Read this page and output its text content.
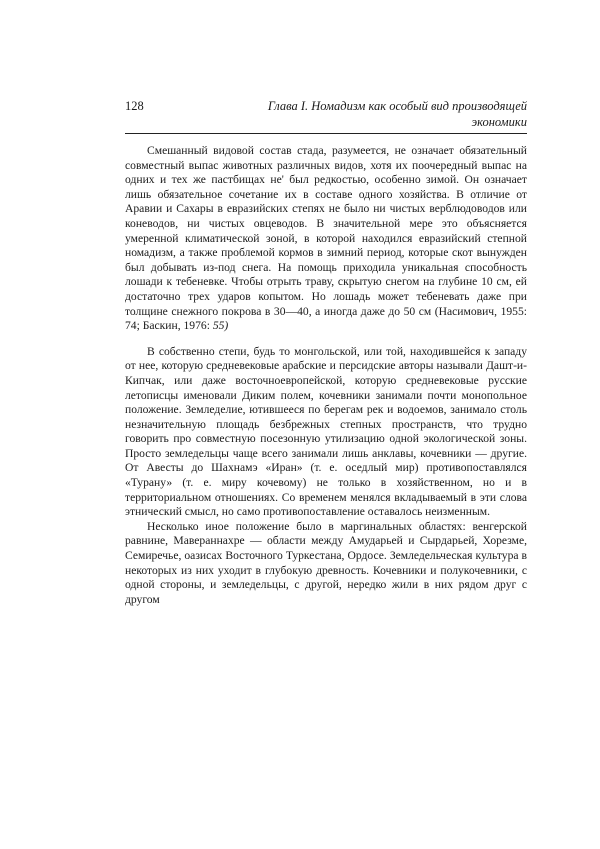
128	Глава I. Номадизм как особый вид производящей экономики

Смешанный видовой состав стада, разумеется, не означает обязательный совместный выпас животных различных видов, хотя их поочередный выпас на одних и тех же пастбищах не' был редкостью, особенно зимой. Он означает лишь обязательное сочетание их в составе одного хозяйства. В отличие от Аравии и Сахары в евразийских степях не было ни чистых верблюдоводов или коневодов, ни чистых овцеводов. В значительной мере это объясняется умеренной климатической зоной, в которой находился евразийский степной номадизм, а также проблемой кормов в зимний период, которые скот вынужден был добывать из-под снега. На помощь приходила уникальная способность лошади к тебеневке. Чтобы отрыть траву, скрытую снегом на глубине 10 см, ей достаточно трех ударов копытом. Но лошадь может тебеневать даже при толщине снежного покрова в 30—40, а иногда даже до 50 см (Насимович, 1955: 74; Баскин, 1976: 55)

В собственно степи, будь то монгольской, или той, находившейся к западу от нее, которую средневековые арабские и персидские авторы называли Дашт-и-Кипчак, или даже восточноевропейской, которую средневековые русские летописцы именовали Диким полем, кочевники занимали почти монопольное положение. Земледелие, ютившееся по берегам рек и водоемов, занимало столь незначительную площадь безбрежных степных пространств, что трудно говорить про совместную посезонную утилизацию одной экологической зоны. Просто земледельцы чаще всего занимали лишь анклавы, кочевники — другие. От Авесты до Шахнамэ «Иран» (т. е. оседлый мир) противопоставлялся «Турану» (т. е. миру кочевому) не только в хозяйственном, но и в территориальном отношениях. Со временем менялся вкладываемый в эти слова этнический смысл, но само противопоставление оставалось неизменным.

Несколько иное положение было в маргинальных областях: венгерской равнине, Мавераннахре — области между Амударьей и Сырдарьей, Хорезме, Семиречье, оазисах Восточного Туркестана, Ордосе. Земледельческая культура в некоторых из них уходит в глубокую древность. Кочевники и полукочевники, с одной стороны, и земледельцы, с другой, нередко жили в них рядом друг с другом
